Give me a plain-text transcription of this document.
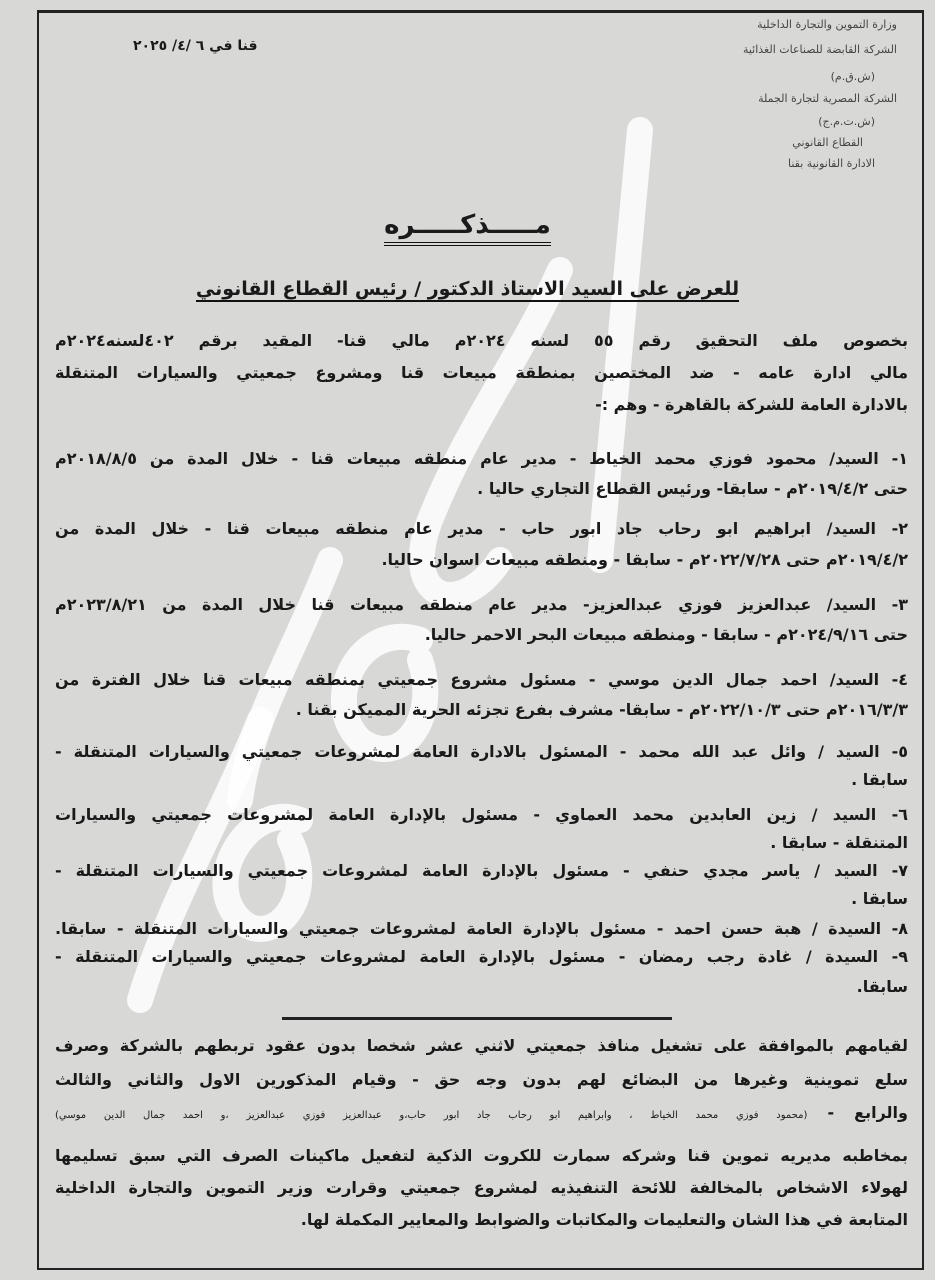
وزارة التموين والتجارة الداخلية
الشركة القابضة للصناعات الغذائية
(ش.ق.م)
الشركة المصرية لتجارة الجملة
(ش.ت.م.ج)
القطاع القانوني
الادارة القانونية بقنا
قنا في ٦ /٤/ ٢٠٢٥
مـــــذكـــــره
للعرض على السيد الاستاذ الدكتور / رئيس القطاع القانوني
بخصوص ملف التحقيق رقم ٥٥ لسنه ٢٠٢٤م مالي قنا- المقيد برقم ٤٠٢لسنه٢٠٢٤م
مالي ادارة عامه - ضد المختصين بمنطقة مبيعات قنا ومشروع جمعيتي والسيارات المتنقلة
بالادارة العامة للشركة بالقاهرة - وهم :-
١- السيد/ محمود فوزي محمد الخياط - مدير عام منطقه مبيعات قنا - خلال المدة من ٢٠١٨/٨/٥م
حتى ٢٠١٩/٤/٢م - سابقا- ورئيس القطاع التجاري حاليا .
٢- السيد/ ابراهيم ابو رحاب جاد ابور حاب - مدير عام منطقه مبيعات قنا - خلال المدة من
٢٠١٩/٤/٢م حتى ٢٠٢٢/٧/٢٨م - سابقا - ومنطقه مبيعات اسوان حاليا.
٣- السيد/ عبدالعزيز فوزي عبدالعزيز- مدير عام منطقه مبيعات قنا خلال المدة من ٢٠٢٣/٨/٢١م
حتى ٢٠٢٤/٩/١٦م - سابقا - ومنطقه مبيعات البحر الاحمر حاليا.
٤- السيد/ احمد جمال الدين موسي - مسئول مشروع جمعيتي بمنطقه مبيعات قنا خلال الفترة من
٢٠١٦/٣/٣م حتى ٢٠٢٢/١٠/٣م - سابقا- مشرف بفرع تجزئه الحرية المميكن بقنا .
٥- السيد / وائل عبد الله محمد - المسئول بالادارة العامة لمشروعات جمعيتي والسيارات المتنقلة -
سابقا .
٦- السيد / زين العابدين محمد العماوي - مسئول بالإدارة العامة لمشروعات جمعيتي والسيارات
المتنقلة - سابقا .
٧- السيد / ياسر مجدي حنفي - مسئول بالإدارة العامة لمشروعات جمعيتي والسيارات المتنقلة -
سابقا .
٨- السيدة / هبة حسن احمد - مسئول بالإدارة العامة لمشروعات جمعيتي والسيارات المتنقلة - سابقا.
٩- السيدة / غادة رجب رمضان - مسئول بالإدارة العامة لمشروعات جمعيتي والسيارات المتنقلة -
سابقا.
لقيامهم بالموافقة على تشغيل منافذ جمعيتي لاثني عشر شخصا بدون عقود تربطهم بالشركة وصرف
سلع تموينية وغيرها من البضائع لهم بدون وجه حق - وقيام المذكورين الاول والثاني والثالث
والرابع - (محمود فوزي محمد الخياط ، وابراهيم ابو رحاب جاد ابور حاب،و عبدالعزيز فوزي عبدالعزيز ،و احمد جمال الدين موسي)
بمخاطبه مديريه تموين قنا وشركه سمارت للكروت الذكية لتفعيل ماكينات الصرف التي سبق تسليمها
لهولاء الاشخاص بالمخالفة للائحة التنفيذيه لمشروع جمعيتي وقرارت وزير التموين والتجارة الداخلية
المتابعة في هذا الشان والتعليمات والمكاتبات والضوابط والمعايير المكملة لها.
